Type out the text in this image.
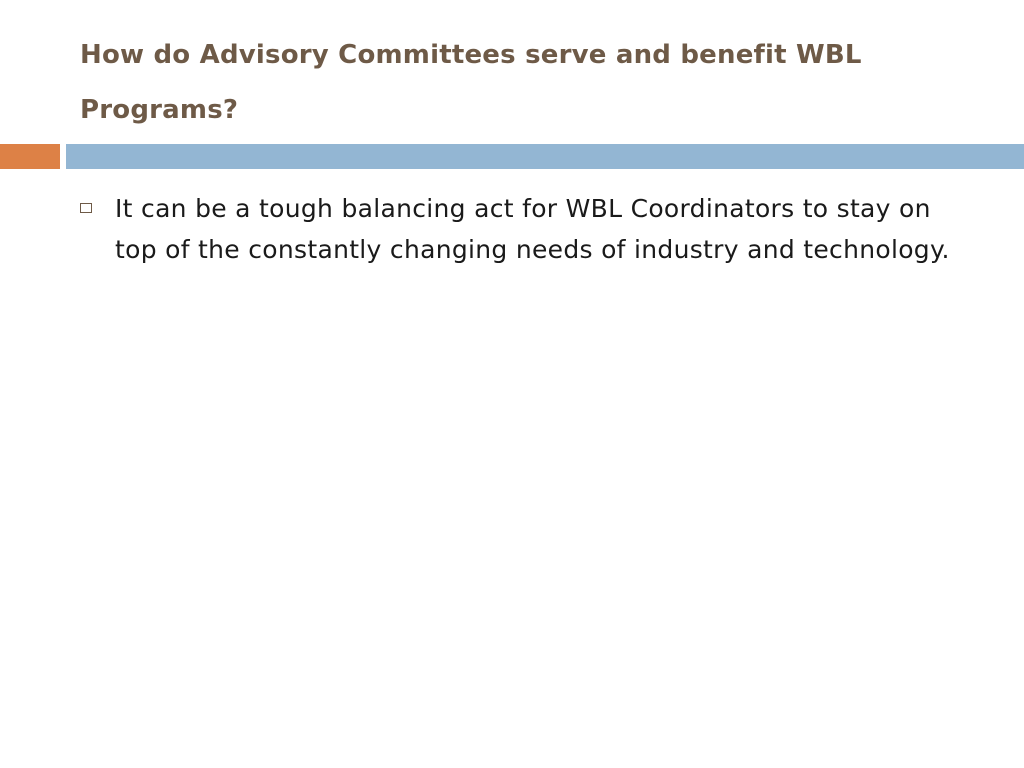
How do Advisory Committees serve and benefit WBL Programs?
It can be a tough balancing act for WBL Coordinators to stay on top of the constantly changing needs of industry and technology.
